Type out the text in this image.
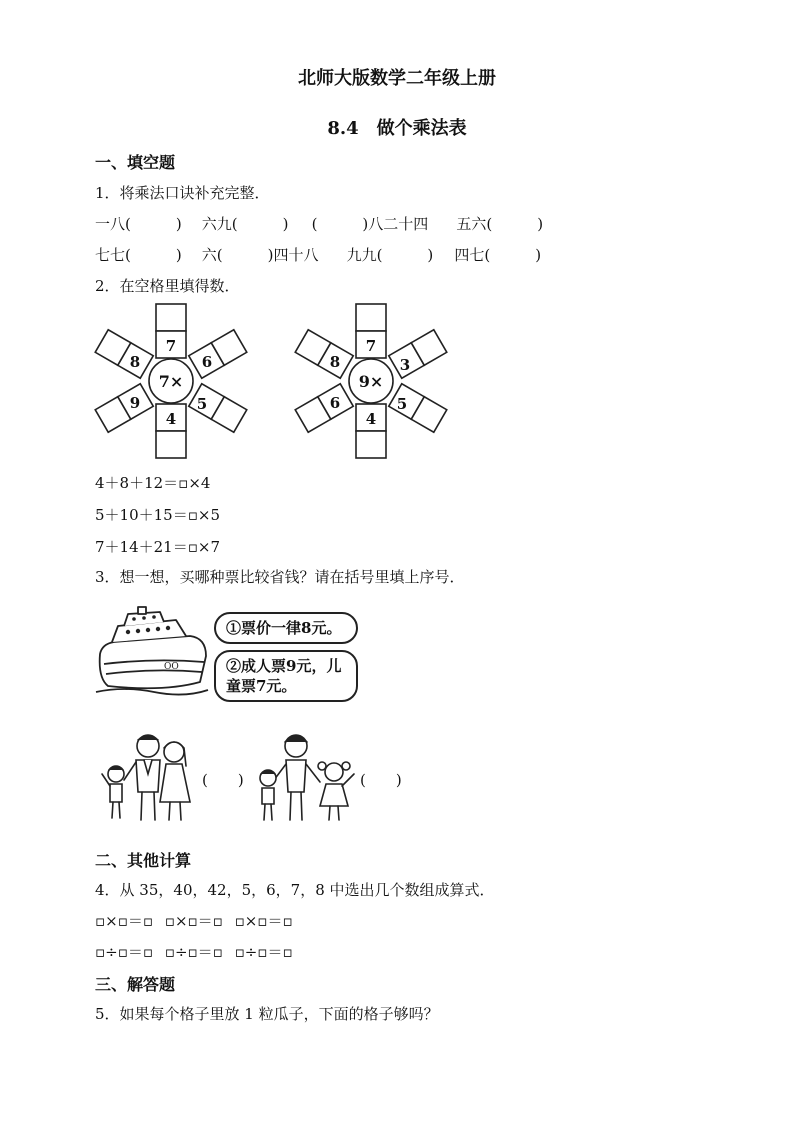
北师大版数学二年级上册
8.4　做个乘法表
一、填空题
1．将乘法口诀补充完整．
一八(　　　) 六九(　　　) (　　　)八二十四 五六(　　　)
七七(　　　) 六(　　　)四十八 九九(　　　) 四七(　　　)
2．在空格里填得数．
7
4
8	6
9	5
7×
7
4
8	3
6	5
9×
4＋8＋12＝▫×4
5＋10＋15＝▫×5
7＋14＋21＝▫×7
3．想一想，买哪种票比较省钱？请在括号里填上序号．
OO
①票价一律8元。
②成人票9元，儿
童票7元。
(　　)	(　　)
二、其他计算
4．从 35，40，42，5，6，7，8 中选出几个数组成算式．
▫×▫＝▫ ▫×▫＝▫ ▫×▫＝▫
▫÷▫＝▫ ▫÷▫＝▫ ▫÷▫＝▫
三、解答题
5．如果每个格子里放 1 粒瓜子，下面的格子够吗？
